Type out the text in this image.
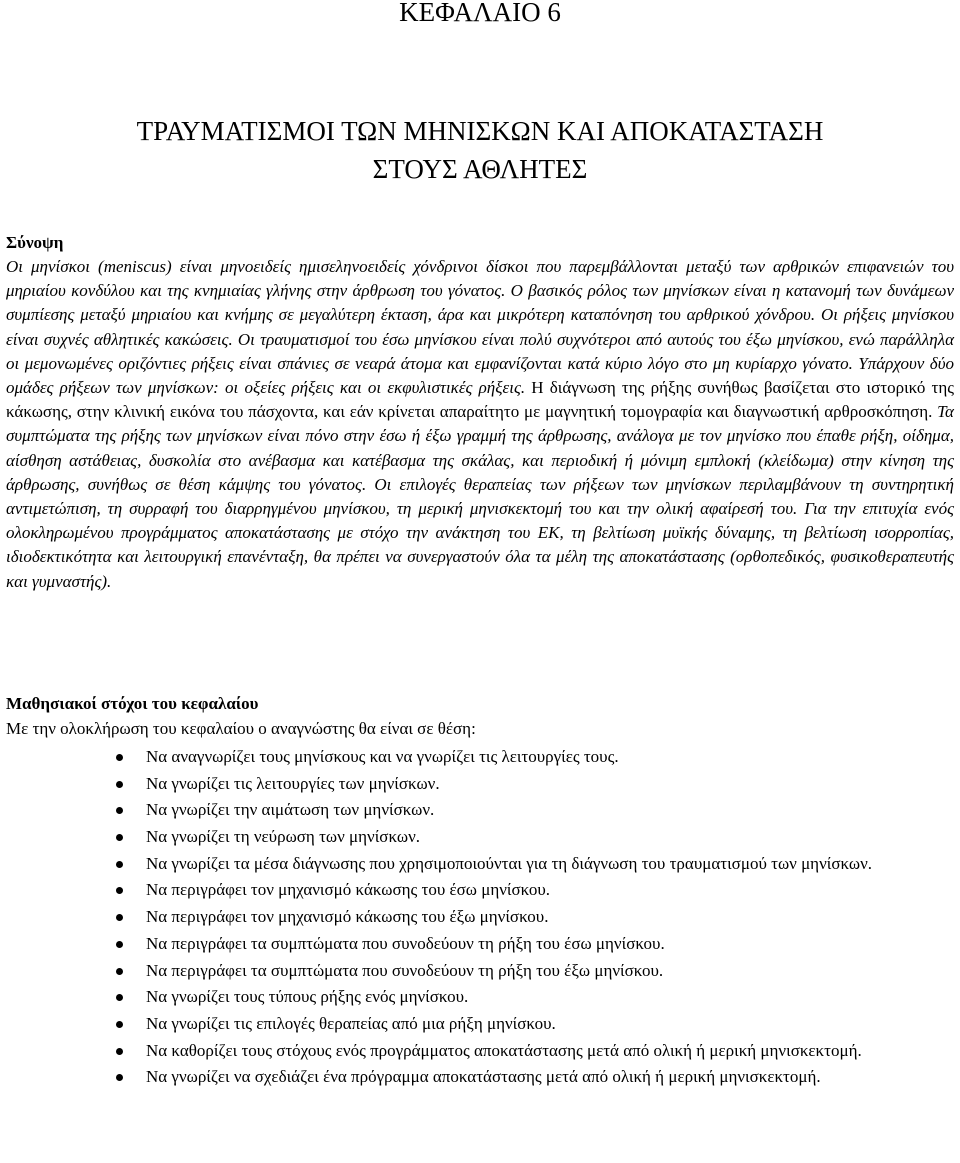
ΚΕΦΑΛΑΙΟ 6
ΤΡΑΥΜΑΤΙΣΜΟΙ ΤΩΝ ΜΗΝΙΣΚΩΝ ΚΑΙ ΑΠΟΚΑΤΑΣΤΑΣΗ
ΣΤΟΥΣ ΑΘΛΗΤΕΣ
Σύνοψη

Οι μηνίσκοι (meniscus) είναι μηνοειδείς ημισεληνοειδείς χόνδρινοι δίσκοι που παρεμβάλλονται μεταξύ των αρθρικών επιφανειών του μηριαίου κονδύλου και της κνημιαίας γλήνης στην άρθρωση του γόνατος. Ο βασικός ρόλος των μηνίσκων είναι η κατανομή των δυνάμεων συμπίεσης μεταξύ μηριαίου και κνήμης σε μεγαλύτερη έκταση, άρα και μικρότερη καταπόνηση του αρθρικού χόνδρου. Οι ρήξεις μηνίσκου είναι συχνές αθλητικές κακώσεις. Οι τραυματισμοί του έσω μηνίσκου είναι πολύ συχνότεροι από αυτούς του έξω μηνίσκου, ενώ παράλληλα οι μεμονωμένες οριζόντιες ρήξεις είναι σπάνιες σε νεαρά άτομα και εμφανίζονται κατά κύριο λόγο στο μη κυρίαρχο γόνατο. Υπάρχουν δύο ομάδες ρήξεων των μηνίσκων: οι οξείες ρήξεις και οι εκφυλιστικές ρήξεις. Η διάγνωση της ρήξης συνήθως βασίζεται στο ιστορικό της κάκωσης, στην κλινική εικόνα του πάσχοντα, και εάν κρίνεται απαραίτητο με μαγνητική τομογραφία και διαγνωστική αρθροσκόπηση. Τα συμπτώματα της ρήξης των μηνίσκων είναι πόνο στην έσω ή έξω γραμμή της άρθρωσης, ανάλογα με τον μηνίσκο που έπαθε ρήξη, οίδημα, αίσθηση αστάθειας, δυσκολία στο ανέβασμα και κατέβασμα της σκάλας, και περιοδική ή μόνιμη εμπλοκή (κλείδωμα) στην κίνηση της άρθρωσης, συνήθως σε θέση κάμψης του γόνατος. Οι επιλογές θεραπείας των ρήξεων των μηνίσκων περιλαμβάνουν τη συντηρητική αντιμετώπιση, τη συρραφή του διαρρηγμένου μηνίσκου, τη μερική μηνισκεκτομή του και την ολική αφαίρεσή του. Για την επιτυχία ενός ολοκληρωμένου προγράμματος αποκατάστασης με στόχο την ανάκτηση του ΕΚ, τη βελτίωση μυϊκής δύναμης, τη βελτίωση ισορροπίας, ιδιοδεκτικότητα και λειτουργική επανένταξη, θα πρέπει να συνεργαστούν όλα τα μέλη της αποκατάστασης (ορθοπεδικός, φυσικοθεραπευτής και γυμναστής).

Μαθησιακοί στόχοι του κεφαλαίου

Με την ολοκλήρωση του κεφαλαίου ο αναγνώστης θα είναι σε θέση:

Να αναγνωρίζει τους μηνίσκους και να γνωρίζει τις λειτουργίες τους.
Να γνωρίζει τις λειτουργίες των μηνίσκων.
Να γνωρίζει την αιμάτωση των μηνίσκων.
Να γνωρίζει τη νεύρωση των μηνίσκων.
Να γνωρίζει τα μέσα διάγνωσης που χρησιμοποιούνται για τη διάγνωση του τραυματισμού των μηνίσκων.
Να περιγράφει τον μηχανισμό κάκωσης του έσω μηνίσκου.
Να περιγράφει τον μηχανισμό κάκωσης του έξω μηνίσκου.
Να περιγράφει τα συμπτώματα που συνοδεύουν τη ρήξη του έσω μηνίσκου.
Να περιγράφει τα συμπτώματα που συνοδεύουν τη ρήξη του έξω μηνίσκου.
Να γνωρίζει τους τύπους ρήξης ενός μηνίσκου.
Να γνωρίζει τις επιλογές θεραπείας από μια ρήξη μηνίσκου.
Να καθορίζει τους στόχους ενός προγράμματος αποκατάστασης μετά από ολική ή μερική μηνισκεκτομή.
Να γνωρίζει να σχεδιάζει ένα πρόγραμμα αποκατάστασης μετά από ολική ή μερική μηνισκεκτομή.
